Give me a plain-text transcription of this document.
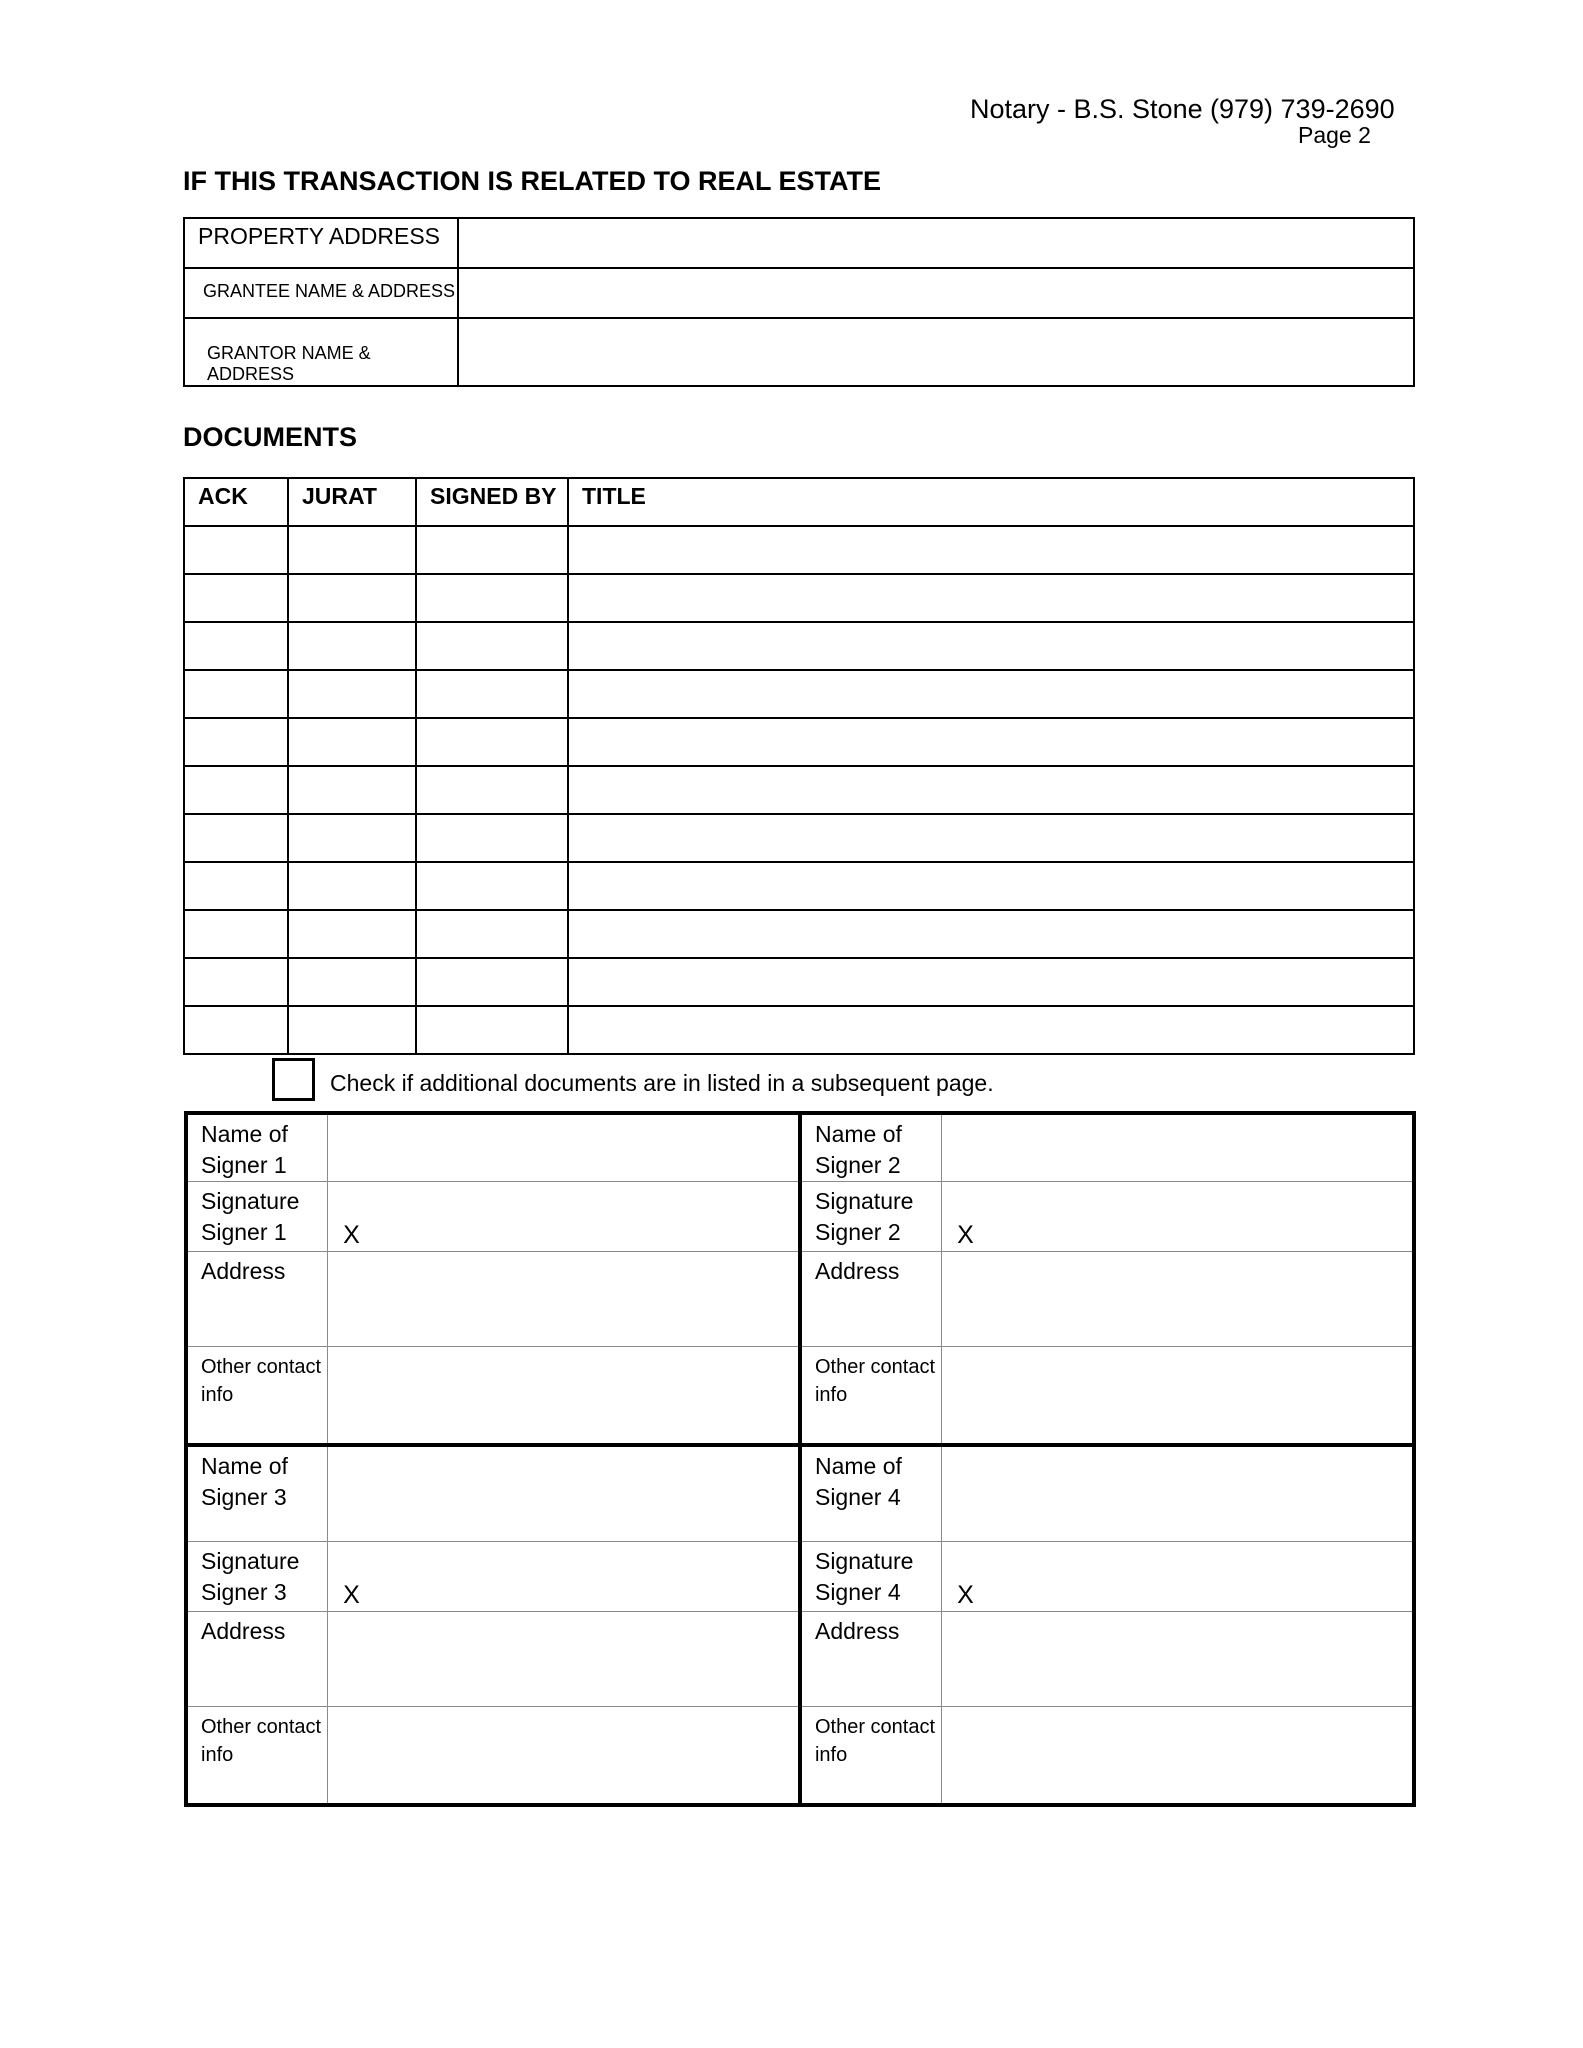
Notary - B.S. Stone (979) 739-2690
Page 2
IF THIS TRANSACTION IS RELATED TO REAL ESTATE
PROPERTY ADDRESS	

GRANTEE NAME & ADDRESS	

GRANTOR NAME & ADDRESS	

DOCUMENTS
ACK	JURAT	SIGNED BY	TITLE

Check if additional documents are in listed in a subsequent page.
Name of Signer 1		Name of Signer 2	
Signature Signer 1	X	Signature Signer 2	X

Address		Address	
Other contact info		Other contact info	
Name of Signer 3		Name of Signer 4	
Signature Signer 3	X	Signature Signer 4	X

Address		Address	
Other contact info		Other contact info	
